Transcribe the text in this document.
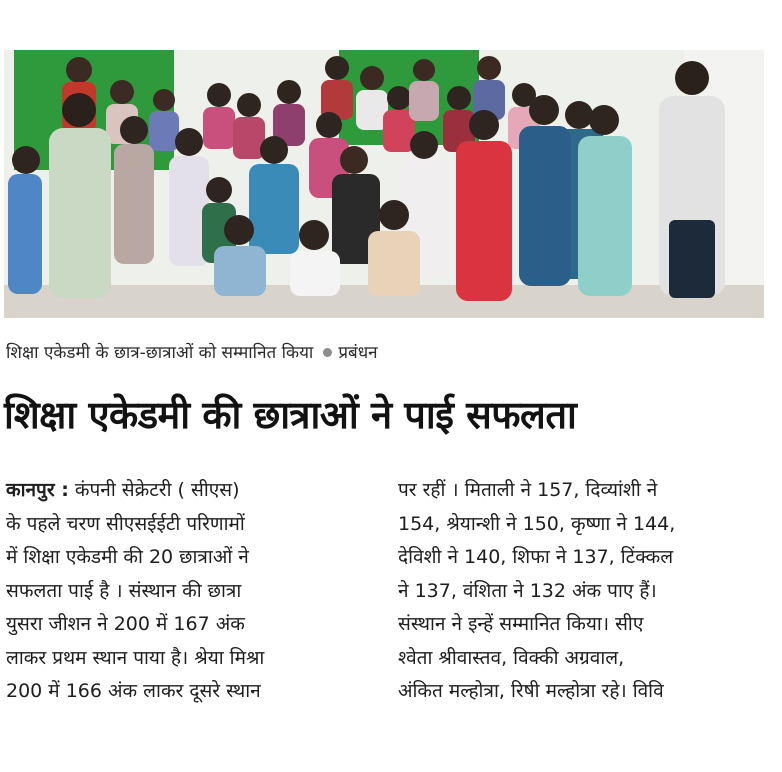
शिक्षा एकेडमी के छात्र-छात्राओं को सम्मानित किया प्रबंधन
शिक्षा एकेडमी की छात्राओं ने पाई सफलता
कानपुर : कंपनी सेक्रेटरी ( सीएस)
के पहले चरण सीएसईईटी परिणामों
में शिक्षा एकेडमी की 20 छात्राओं ने
सफलता पाई है । संस्थान की छात्रा
युसरा जीशन ने 200 में 167 अंक
लाकर प्रथम स्थान पाया है। श्रेया मिश्रा
200 में 166 अंक लाकर दूसरे स्थान
पर रहीं । मिताली ने 157, दिव्यांशी ने
154, श्रेयान्शी ने 150, कृष्णा ने 144,
देविशी ने 140, शिफा ने 137, टिंक्कल
ने 137, वंशिता ने 132 अंक पाए हैं।
संस्थान ने इन्हें सम्मानित किया। सीए
श्वेता श्रीवास्तव, विक्की अग्रवाल,
अंकित मल्होत्रा, रिषी मल्होत्रा रहे। विवि
